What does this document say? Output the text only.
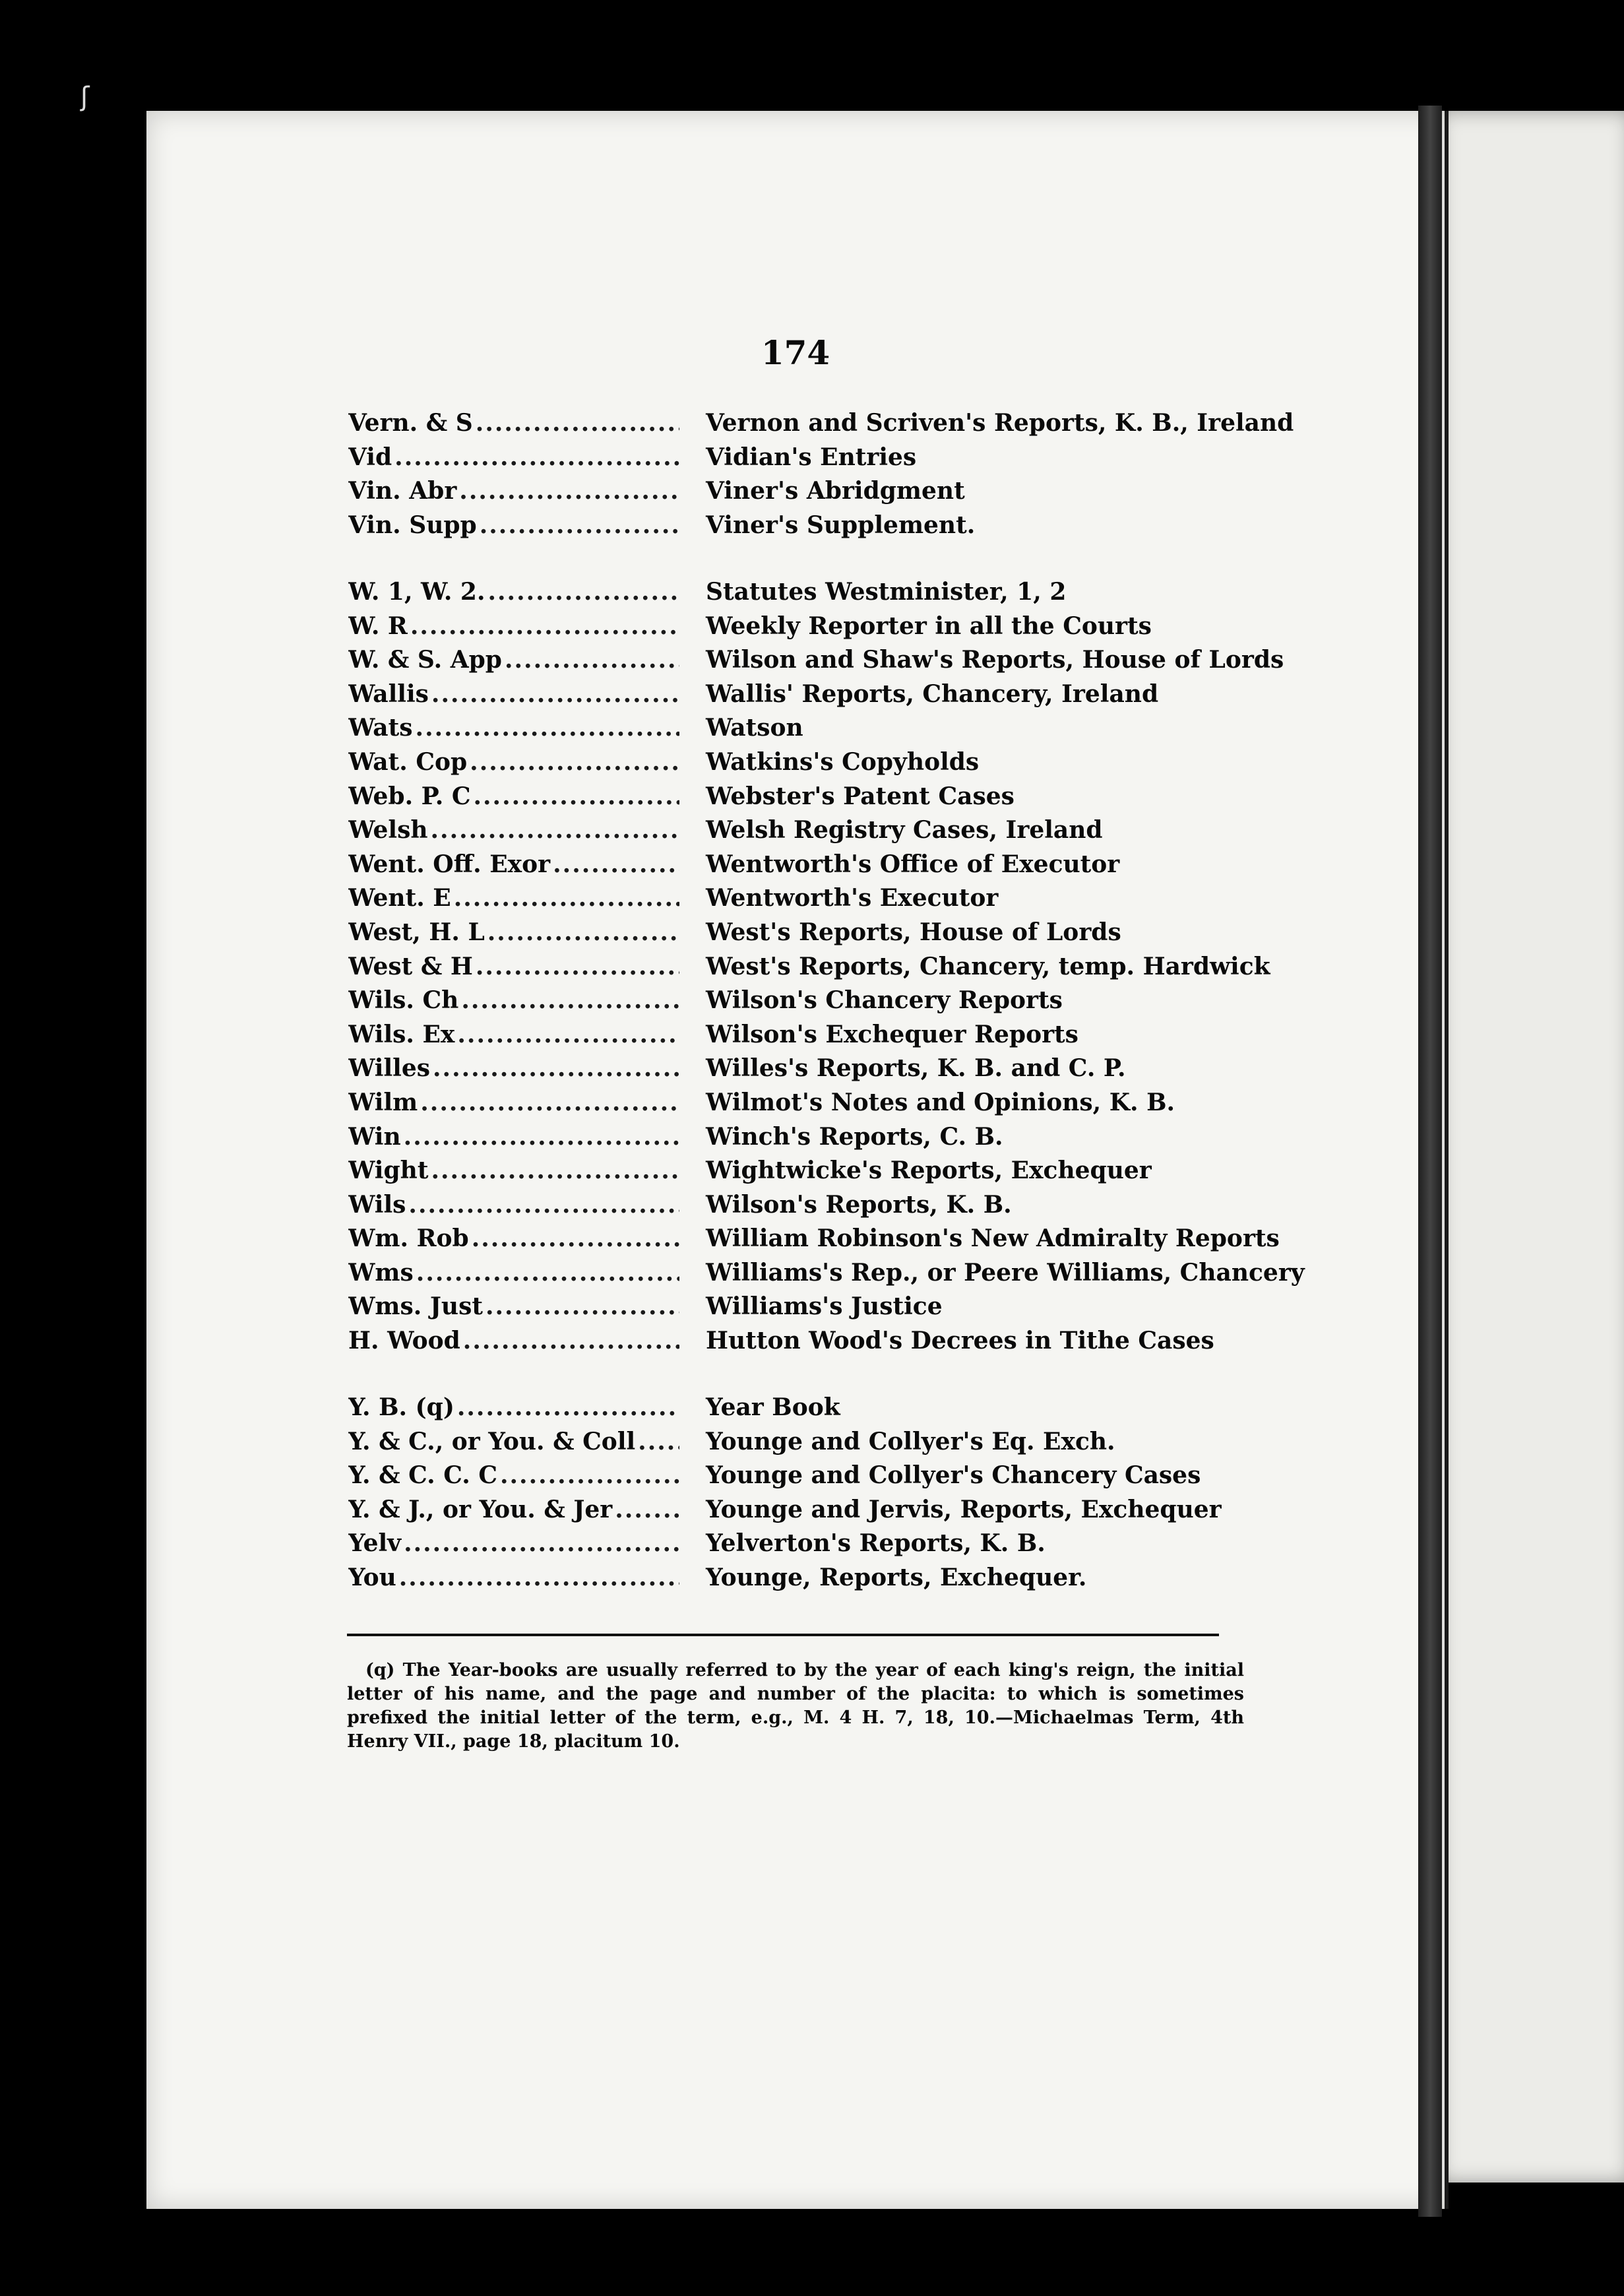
ʃ
174
Vern. & S .....	Vernon and Scriven's Reports, K. B., Ireland
Vid .....	Vidian's Entries
Vin. Abr .....	Viner's Abridgment
Vin. Supp .....	Viner's Supplement.
W. 1, W. 2. .....	Statutes Westminister, 1, 2
W. R .....	Weekly Reporter in all the Courts
W. & S. App .....	Wilson and Shaw's Reports, House of Lords
Wallis .....	Wallis' Reports, Chancery, Ireland
Wats .....	Watson
Wat. Cop .....	Watkins's Copyholds
Web. P. C .....	Webster's Patent Cases
Welsh .....	Welsh Registry Cases, Ireland
Went. Off. Exor .....	Wentworth's Office of Executor
Went. E .....	Wentworth's Executor
West, H. L .....	West's Reports, House of Lords
West & H .....	West's Reports, Chancery, temp. Hardwick
Wils. Ch .....	Wilson's Chancery Reports
Wils. Ex .....	Wilson's Exchequer Reports
Willes .....	Willes's Reports, K. B. and C. P.
Wilm .....	Wilmot's Notes and Opinions, K. B.
Win .....	Winch's Reports, C. B.
Wight .....	Wightwicke's Reports, Exchequer
Wils .....	Wilson's Reports, K. B.
Wm. Rob .....	William Robinson's New Admiralty Reports
Wms .....	Williams's Rep., or Peere Williams, Chancery
Wms. Just .....	Williams's Justice
H. Wood .....	Hutton Wood's Decrees in Tithe Cases
Y. B. (q) .....	Year Book
Y. & C., or You. & Coll .....	Younge and Collyer's Eq. Exch.
Y. & C. C. C .....	Younge and Collyer's Chancery Cases
Y. & J., or You. & Jer .....	Younge and Jervis, Reports, Exchequer
Yelv .....	Yelverton's Reports, K. B.
You .....	Younge, Reports, Exchequer.

(q) The Year-books are usually referred to by the year of each king's reign, the initial letter of his name, and the page and number of the placita: to which is sometimes prefixed the initial letter of the term, e.g., M. 4 H. 7, 18, 10.—Michaelmas Term, 4th Henry VII., page 18, placitum 10.
